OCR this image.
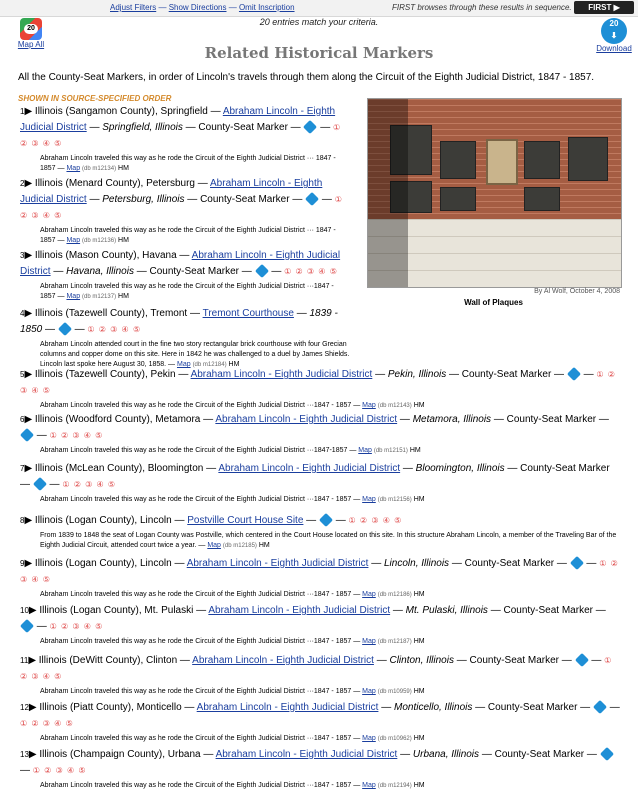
Adjust Filters — Show Directions — Omit Inscription	FIRST browses through these results in sequence.	FIRST ▶
20 entries match your criteria.
20
Map All
20
⬇
Download
Related Historical Markers
All the County-Seat Markers, in order of Lincoln's travels through them along the Circuit of the Eighth Judicial District, 1847 - 1857.
SHOWN IN SOURCE-SPECIFIED ORDER
By Al Wolf, October 4, 2008
Wall of Plaques
1▶ Illinois (Sangamon County), Springfield — Abraham Lincoln - Eighth Judicial District — Springfield, Illinois — County-Seat Marker —  — ① ② ③ ④ ⑤
Abraham Lincoln traveled this way as he rode the Circuit of the Eighth Judicial District ··· 1847 - 1857 — Map (db m12134) HM
2▶ Illinois (Menard County), Petersburg — Abraham Lincoln - Eighth Judicial District — Petersburg, Illinois — County-Seat Marker —  — ① ② ③ ④ ⑤
Abraham Lincoln traveled this way as he rode the Circuit of the Eighth Judicial District ··· 1847 - 1857 — Map (db m12136) HM
3▶ Illinois (Mason County), Havana — Abraham Lincoln - Eighth Judicial District — Havana, Illinois — County-Seat Marker —  — ① ② ③ ④ ⑤
Abraham Lincoln traveled this way as he rode the Circuit of the Eighth Judicial District ···1847 - 1857 — Map (db m12137) HM
4▶ Illinois (Tazewell County), Tremont — Tremont Courthouse — 1839 - 1850 —  — ① ② ③ ④ ⑤
Abraham Lincoln attended court in the fine two story rectangular brick courthouse with four Grecian columns and copper dome on this site. Here in 1842 he was challenged to a duel by James Shields. Lincoln last spoke here August 30, 1858. — Map (db m12184) HM
5▶ Illinois (Tazewell County), Pekin — Abraham Lincoln - Eighth Judicial District — Pekin, Illinois — County-Seat Marker —  — ① ② ③ ④ ⑤
Abraham Lincoln traveled this way as he rode the Circuit of the Eighth Judicial District ···1847 - 1857 — Map (db m12143) HM
6▶ Illinois (Woodford County), Metamora — Abraham Lincoln - Eighth Judicial District — Metamora, Illinois — County-Seat Marker —  — ① ② ③ ④ ⑤
Abraham Lincoln traveled this way as he rode the Circuit of the Eighth Judicial District ···1847-1857 — Map (db m12151) HM
7▶ Illinois (McLean County), Bloomington — Abraham Lincoln - Eighth Judicial District — Bloomington, Illinois — County-Seat Marker —  — ① ② ③ ④ ⑤
Abraham Lincoln traveled this way as he rode the Circuit of the Eighth Judicial District ···1847 - 1857 — Map (db m12156) HM
8▶ Illinois (Logan County), Lincoln — Postville Court House Site —  — ① ② ③ ④ ⑤
From 1839 to 1848 the seat of Logan County was Postville, which centered in the Court House located on this site. In this structure Abraham Lincoln, a member of the Traveling Bar of the Eighth Judicial Circuit, attended court twice a year. — Map (db m12185) HM
9▶ Illinois (Logan County), Lincoln — Abraham Lincoln - Eighth Judicial District — Lincoln, Illinois — County-Seat Marker —  — ① ② ③ ④ ⑤
Abraham Lincoln traveled this way as he rode the Circuit of the Eighth Judicial District ···1847 - 1857 — Map (db m12186) HM
10▶ Illinois (Logan County), Mt. Pulaski — Abraham Lincoln - Eighth Judicial District — Mt. Pulaski, Illinois — County-Seat Marker —  — ① ② ③ ④ ⑤
Abraham Lincoln traveled this way as he rode the Circuit of the Eighth Judicial District ···1847 - 1857 — Map (db m12187) HM
11▶ Illinois (DeWitt County), Clinton — Abraham Lincoln - Eighth Judicial District — Clinton, Illinois — County-Seat Marker —  — ① ② ③ ④ ⑤
Abraham Lincoln traveled this way as he rode the Circuit of the Eighth Judicial District ···1847 - 1857 — Map (db m10959) HM
12▶ Illinois (Piatt County), Monticello — Abraham Lincoln - Eighth Judicial District — Monticello, Illinois — County-Seat Marker —  — ① ② ③ ④ ⑤
Abraham Lincoln traveled this way as he rode the Circuit of the Eighth Judicial District ···1847 - 1857 — Map (db m10962) HM
13▶ Illinois (Champaign County), Urbana — Abraham Lincoln - Eighth Judicial District — Urbana, Illinois — County-Seat Marker —  — ① ② ③ ④ ⑤
Abraham Lincoln traveled this way as he rode the Circuit of the Eighth Judicial District ···1847 - 1857 — Map (db m12194) HM
